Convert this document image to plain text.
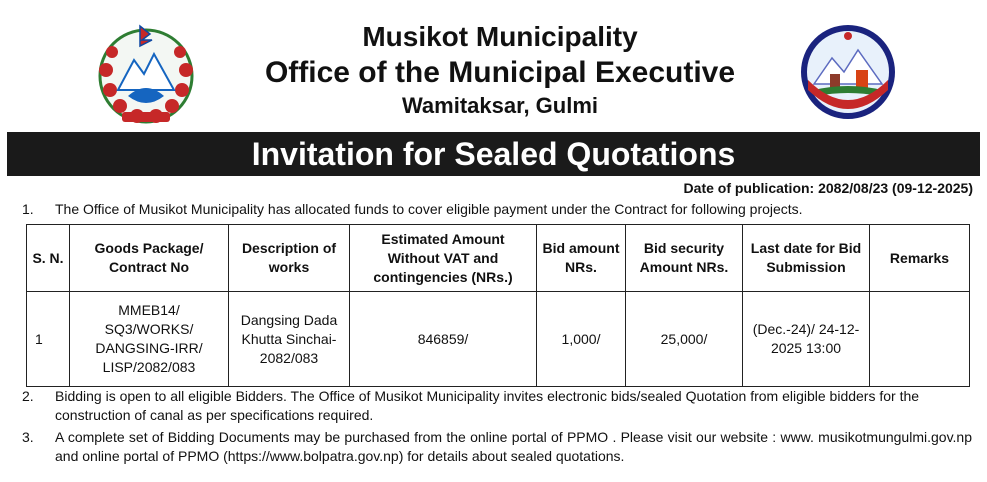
Musikot Municipality
Office of the Municipal Executive
Wamitaksar, Gulmi
Invitation for Sealed Quotations
Date of publication: 2082/08/23 (09-12-2025)
1.	The Office of Musikot Municipality has allocated funds to cover eligible payment under the Contract for following projects.
S. N.	Goods Package/ Contract No	Description of works	Estimated Amount Without VAT and contingencies (NRs.)	Bid amount NRs.	Bid security Amount NRs.	Last date for Bid Submission	Remarks
1	MMEB14/ SQ3/WORKS/ DANGSING-IRR/ LISP/2082/083	Dangsing Dada Khutta Sinchai- 2082/083	846859/	1,000/	25,000/	(Dec.-24)/ 24-12-2025 13:00	
2.	Bidding is open to all eligible Bidders. The Office of Musikot Municipality invites electronic bids/sealed Quotation from eligible bidders for the construction of canal as per specifications required.
3.	A complete set of Bidding Documents may be purchased from the online portal of PPMO . Please visit our website : www. musikotmungulmi.gov.np and online portal of PPMO (https://www.bolpatra.gov.np) for details about sealed quotations.
